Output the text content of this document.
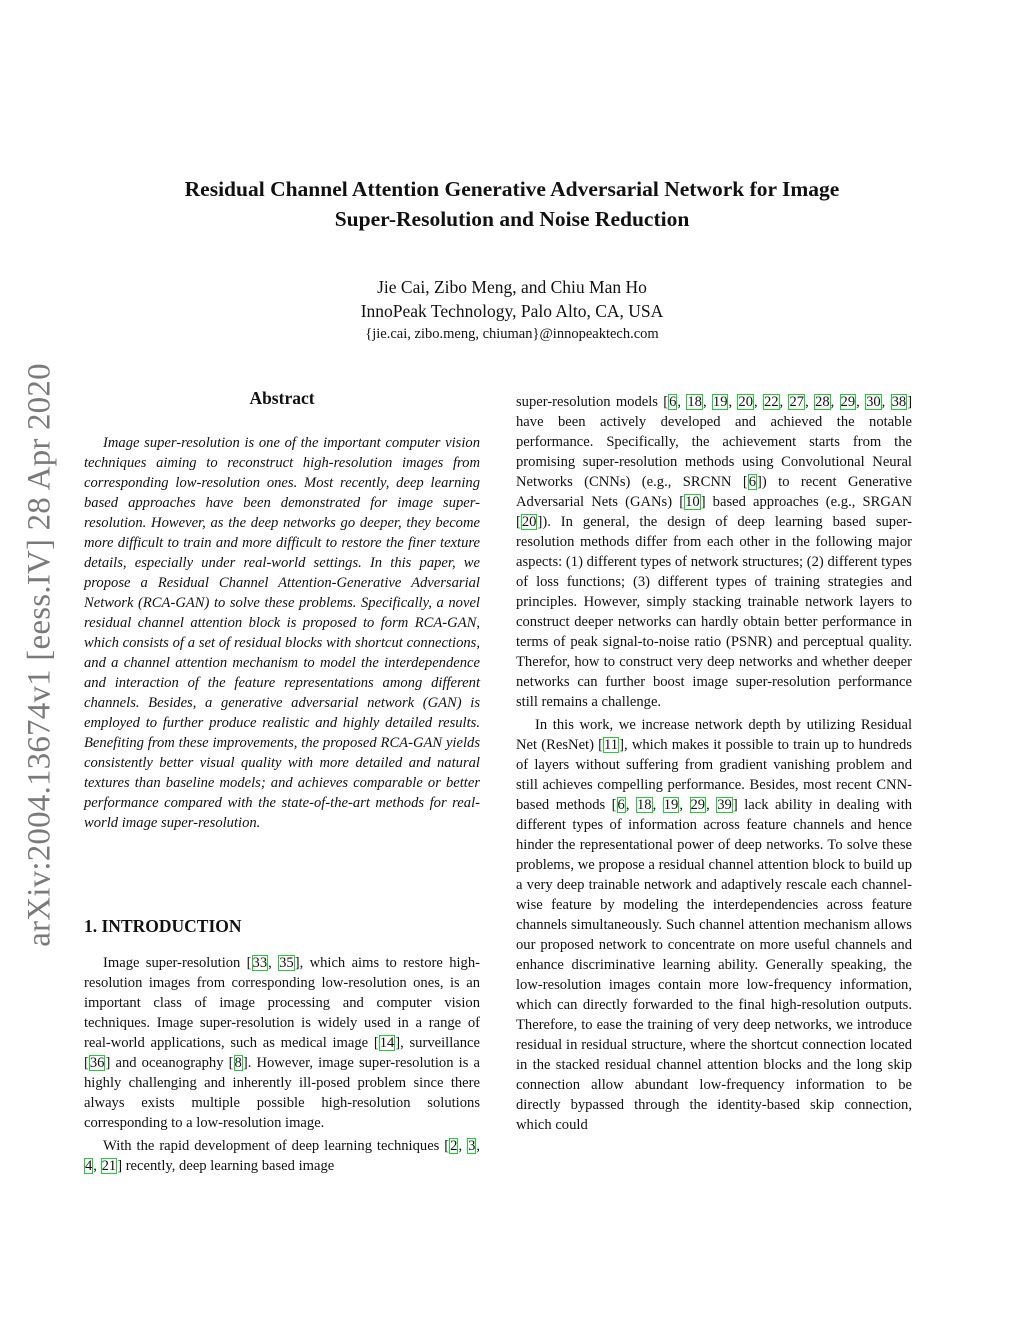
Residual Channel Attention Generative Adversarial Network for Image
Super-Resolution and Noise Reduction
Jie Cai, Zibo Meng, and Chiu Man Ho
InnoPeak Technology, Palo Alto, CA, USA
{jie.cai, zibo.meng, chiuman}@innopeaktech.com
arXiv:2004.13674v1 [eess.IV] 28 Apr 2020	Abstract

Image super-resolution is one of the important computer vision techniques aiming to reconstruct high-resolution images from corresponding low-resolution ones. Most recently, deep learning based approaches have been demonstrated for image super-resolution. However, as the deep networks go deeper, they become more difficult to train and more difficult to restore the finer texture details, especially under real-world settings. In this paper, we propose a Residual Channel Attention-Generative Adversarial Network (RCA-GAN) to solve these problems. Specifically, a novel residual channel attention block is proposed to form RCA-GAN, which consists of a set of residual blocks with shortcut connections, and a channel attention mechanism to model the interdependence and interaction of the feature representations among different channels. Besides, a generative adversarial network (GAN) is employed to further produce realistic and highly detailed results. Benefiting from these improvements, the proposed RCA-GAN yields consistently better visual quality with more detailed and natural textures than baseline models; and achieves comparable or better performance compared with the state-of-the-art methods for real-world image super-resolution.

1. INTRODUCTION

Image super-resolution [33, 35], which aims to restore high-resolution images from corresponding low-resolution ones, is an important class of image processing and computer vision techniques. Image super-resolution is widely used in a range of real-world applications, such as medical image [14], surveillance [36] and oceanography [8]. However, image super-resolution is a highly challenging and inherently ill-posed problem since there always exists multiple possible high-resolution solutions corresponding to a low-resolution image.

With the rapid development of deep learning techniques [2, 3, 4, 21] recently, deep learning based image

super-resolution models [6, 18, 19, 20, 22, 27, 28, 29, 30, 38] have been actively developed and achieved the notable performance. Specifically, the achievement starts from the promising super-resolution methods using Convolutional Neural Networks (CNNs) (e.g., SRCNN [6]) to recent Generative Adversarial Nets (GANs) [10] based approaches (e.g., SRGAN [20]). In general, the design of deep learning based super-resolution methods differ from each other in the following major aspects: (1) different types of network structures; (2) different types of loss functions; (3) different types of training strategies and principles. However, simply stacking trainable network layers to construct deeper networks can hardly obtain better performance in terms of peak signal-to-noise ratio (PSNR) and perceptual quality. Therefor, how to construct very deep networks and whether deeper networks can further boost image super-resolution performance still remains a challenge.

In this work, we increase network depth by utilizing Residual Net (ResNet) [11], which makes it possible to train up to hundreds of layers without suffering from gradient vanishing problem and still achieves compelling performance. Besides, most recent CNN-based methods [6, 18, 19, 29, 39] lack ability in dealing with different types of information across feature channels and hence hinder the representational power of deep networks. To solve these problems, we propose a residual channel attention block to build up a very deep trainable network and adaptively rescale each channel-wise feature by modeling the interdependencies across feature channels simultaneously. Such channel attention mechanism allows our proposed network to concentrate on more useful channels and enhance discriminative learning ability. Generally speaking, the low-resolution images contain more low-frequency information, which can directly forwarded to the final high-resolution outputs. Therefore, to ease the training of very deep networks, we introduce residual in residual structure, where the shortcut connection located in the stacked residual channel attention blocks and the long skip connection allow abundant low-frequency information to be directly bypassed through the identity-based skip connection, which could
